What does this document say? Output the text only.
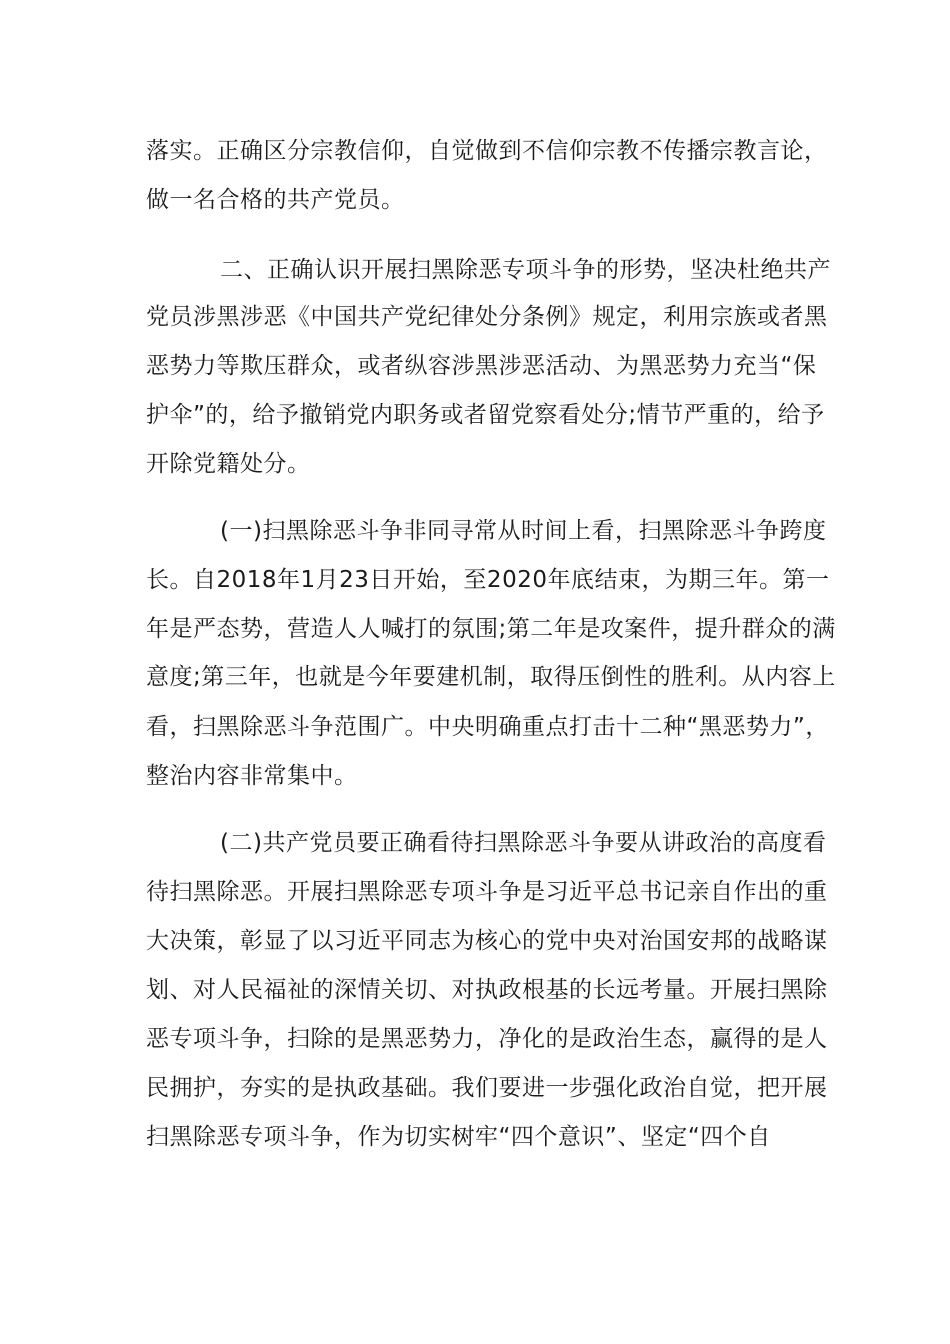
落实。正确区分宗教信仰，自觉做到不信仰宗教不传播宗教言论，
做一名合格的共产党员。
二、正确认识开展扫黑除恶专项斗争的形势，坚决杜绝共产
党员涉黑涉恶《中国共产党纪律处分条例》规定，利用宗族或者黑
恶势力等欺压群众，或者纵容涉黑涉恶活动、为黑恶势力充当“保
护伞”的，给予撤销党内职务或者留党察看处分;情节严重的，给予
开除党籍处分。
(一)扫黑除恶斗争非同寻常从时间上看，扫黑除恶斗争跨度
长。自2018年1月23日开始，至2020年底结束，为期三年。第一
年是严态势，营造人人喊打的氛围;第二年是攻案件，提升群众的满
意度;第三年，也就是今年要建机制，取得压倒性的胜利。从内容上
看，扫黑除恶斗争范围广。中央明确重点打击十二种“黑恶势力”，
整治内容非常集中。
(二)共产党员要正确看待扫黑除恶斗争要从讲政治的高度看
待扫黑除恶。开展扫黑除恶专项斗争是习近平总书记亲自作出的重
大决策，彰显了以习近平同志为核心的党中央对治国安邦的战略谋
划、对人民福祉的深情关切、对执政根基的长远考量。开展扫黑除
恶专项斗争，扫除的是黑恶势力，净化的是政治生态，赢得的是人
民拥护，夯实的是执政基础。我们要进一步强化政治自觉，把开展
扫黑除恶专项斗争，作为切实树牢“四个意识”、坚定“四个自
